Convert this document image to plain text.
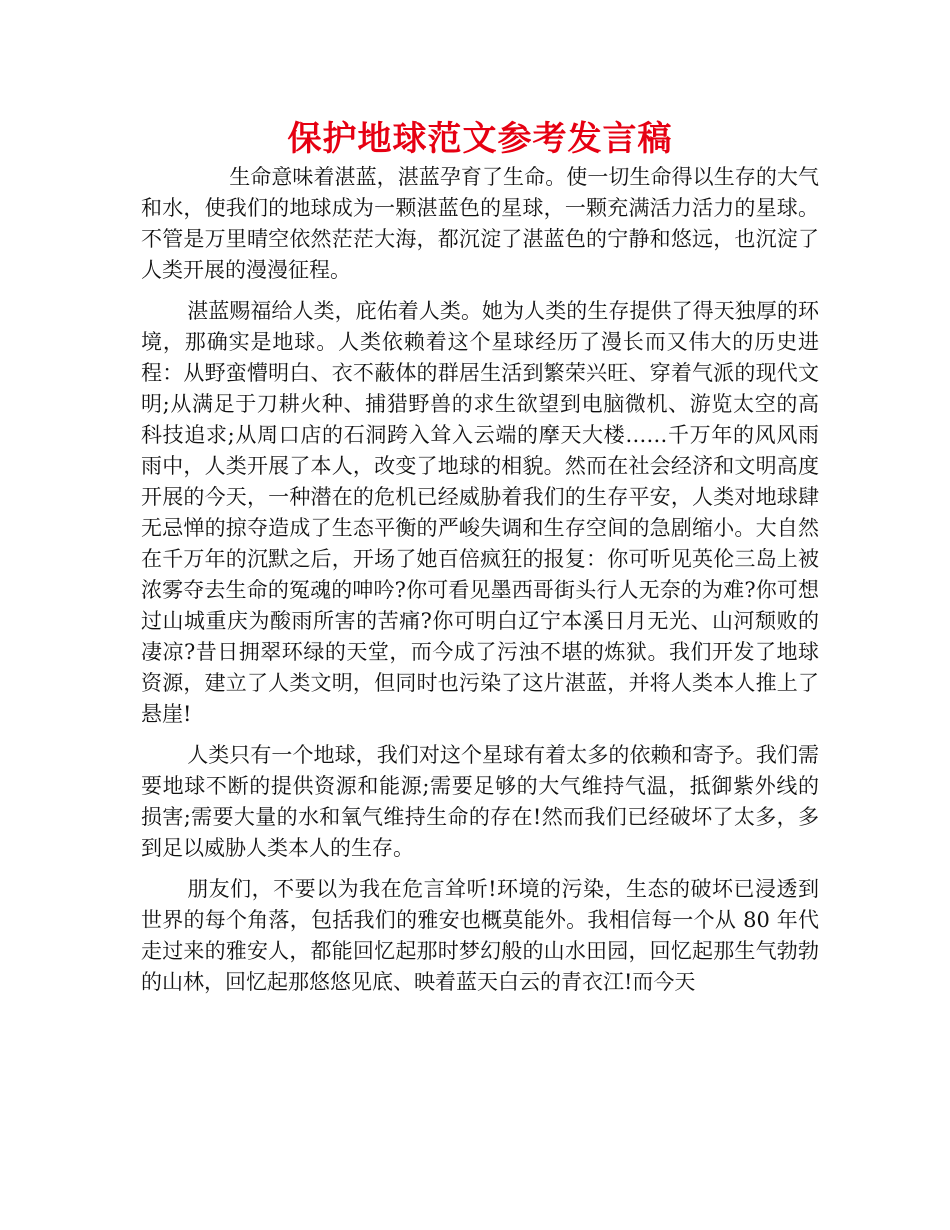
保护地球范文参考发言稿

生命意味着湛蓝，湛蓝孕育了生命。使一切生命得以生存的大气和水，使我们的地球成为一颗湛蓝色的星球，一颗充满活力活力的星球。不管是万里晴空依然茫茫大海，都沉淀了湛蓝色的宁静和悠远，也沉淀了人类开展的漫漫征程。

湛蓝赐福给人类，庇佑着人类。她为人类的生存提供了得天独厚的环境，那确实是地球。人类依赖着这个星球经历了漫长而又伟大的历史进程：从野蛮懵明白、衣不蔽体的群居生活到繁荣兴旺、穿着气派的现代文明;从满足于刀耕火种、捕猎野兽的求生欲望到电脑微机、游览太空的高科技追求;从周口店的石洞跨入耸入云端的摩天大楼……千万年的风风雨雨中，人类开展了本人，改变了地球的相貌。然而在社会经济和文明高度开展的今天，一种潜在的危机已经威胁着我们的生存平安，人类对地球肆无忌惮的掠夺造成了生态平衡的严峻失调和生存空间的急剧缩小。大自然在千万年的沉默之后，开场了她百倍疯狂的报复：你可听见英伦三岛上被浓雾夺去生命的冤魂的呻吟?你可看见墨西哥街头行人无奈的为难?你可想过山城重庆为酸雨所害的苦痛?你可明白辽宁本溪日月无光、山河颓败的凄凉?昔日拥翠环绿的天堂，而今成了污浊不堪的炼狱。我们开发了地球资源，建立了人类文明，但同时也污染了这片湛蓝，并将人类本人推上了悬崖!

人类只有一个地球，我们对这个星球有着太多的依赖和寄予。我们需要地球不断的提供资源和能源;需要足够的大气维持气温，抵御紫外线的损害;需要大量的水和氧气维持生命的存在!然而我们已经破坏了太多，多到足以威胁人类本人的生存。

朋友们，不要以为我在危言耸听!环境的污染，生态的破坏已浸透到世界的每个角落，包括我们的雅安也概莫能外。我相信每一个从 80 年代走过来的雅安人，都能回忆起那时梦幻般的山水田园，回忆起那生气勃勃的山林，回忆起那悠悠见底、映着蓝天白云的青衣江!而今天
